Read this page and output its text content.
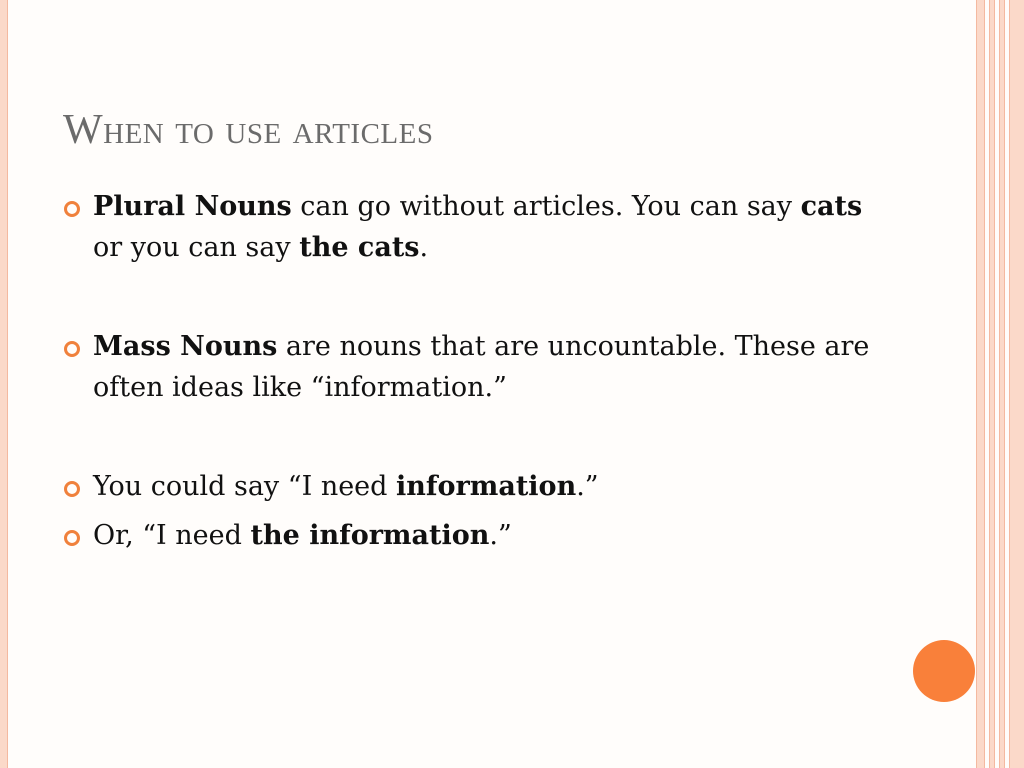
When to use articles
Plural Nouns can go without articles. You can say cats or you can say the cats.
Mass Nouns are nouns that are uncountable. These are often ideas like “information.”
You could say “I need information.”
Or, “I need the information.”
